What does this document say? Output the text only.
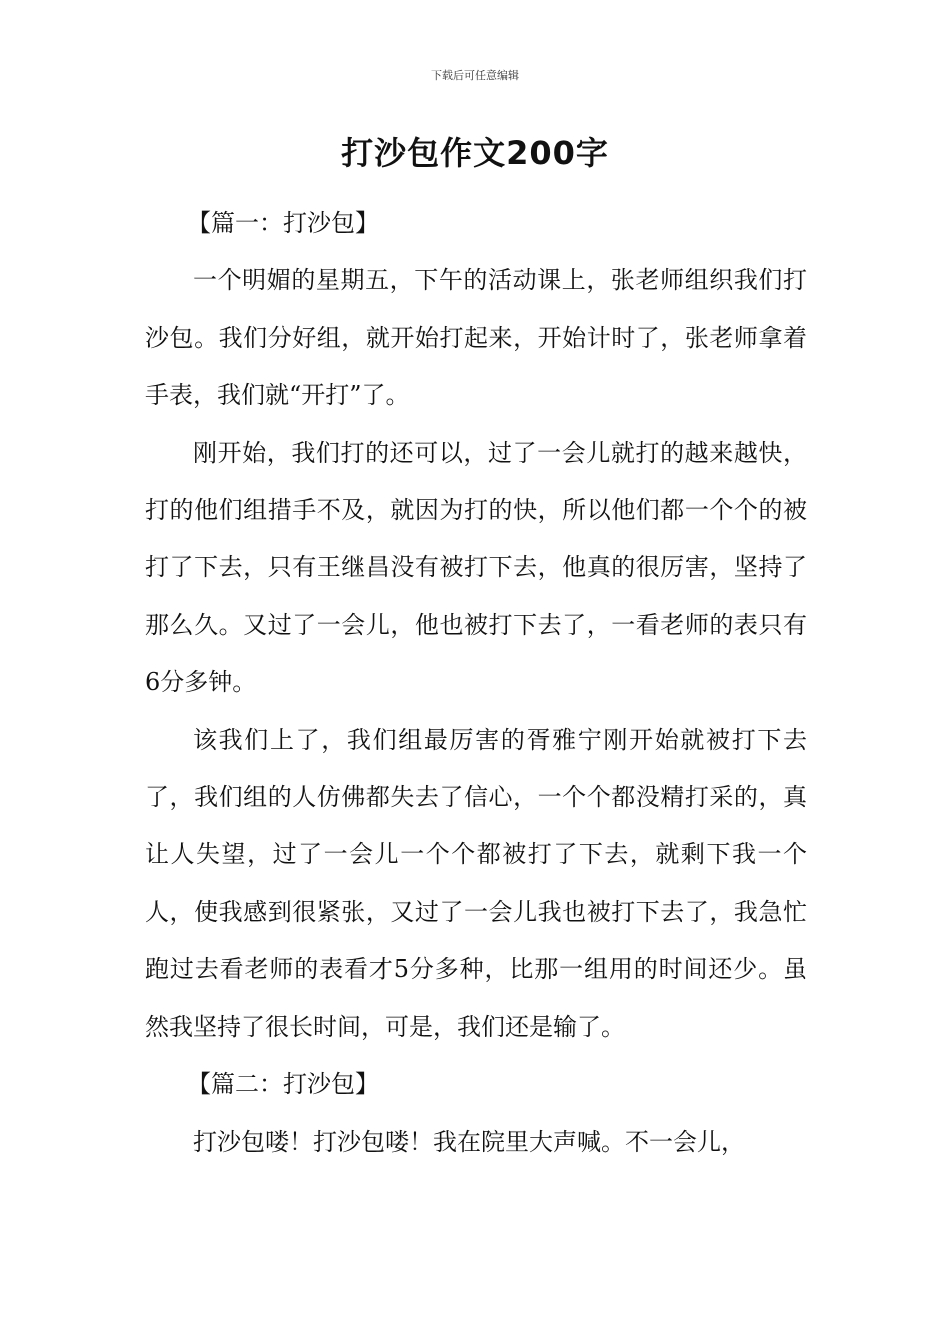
下载后可任意编辑
打沙包作文200字

【篇一：打沙包】

一个明媚的星期五，下午的活动课上，张老师组织我们打沙包。我们分好组，就开始打起来，开始计时了，张老师拿着手表，我们就“开打”了。

刚开始，我们打的还可以，过了一会儿就打的越来越快，打的他们组措手不及，就因为打的快，所以他们都一个个的被打了下去，只有王继昌没有被打下去，他真的很厉害，坚持了那么久。又过了一会儿，他也被打下去了，一看老师的表只有6分多钟。

该我们上了，我们组最厉害的胥雅宁刚开始就被打下去了，我们组的人仿佛都失去了信心，一个个都没精打采的，真让人失望，过了一会儿一个个都被打了下去，就剩下我一个人，使我感到很紧张，又过了一会儿我也被打下去了，我急忙跑过去看老师的表看才5分多种，比那一组用的时间还少。虽然我坚持了很长时间，可是，我们还是输了。

【篇二：打沙包】

打沙包喽！打沙包喽！我在院里大声喊。不一会儿，
